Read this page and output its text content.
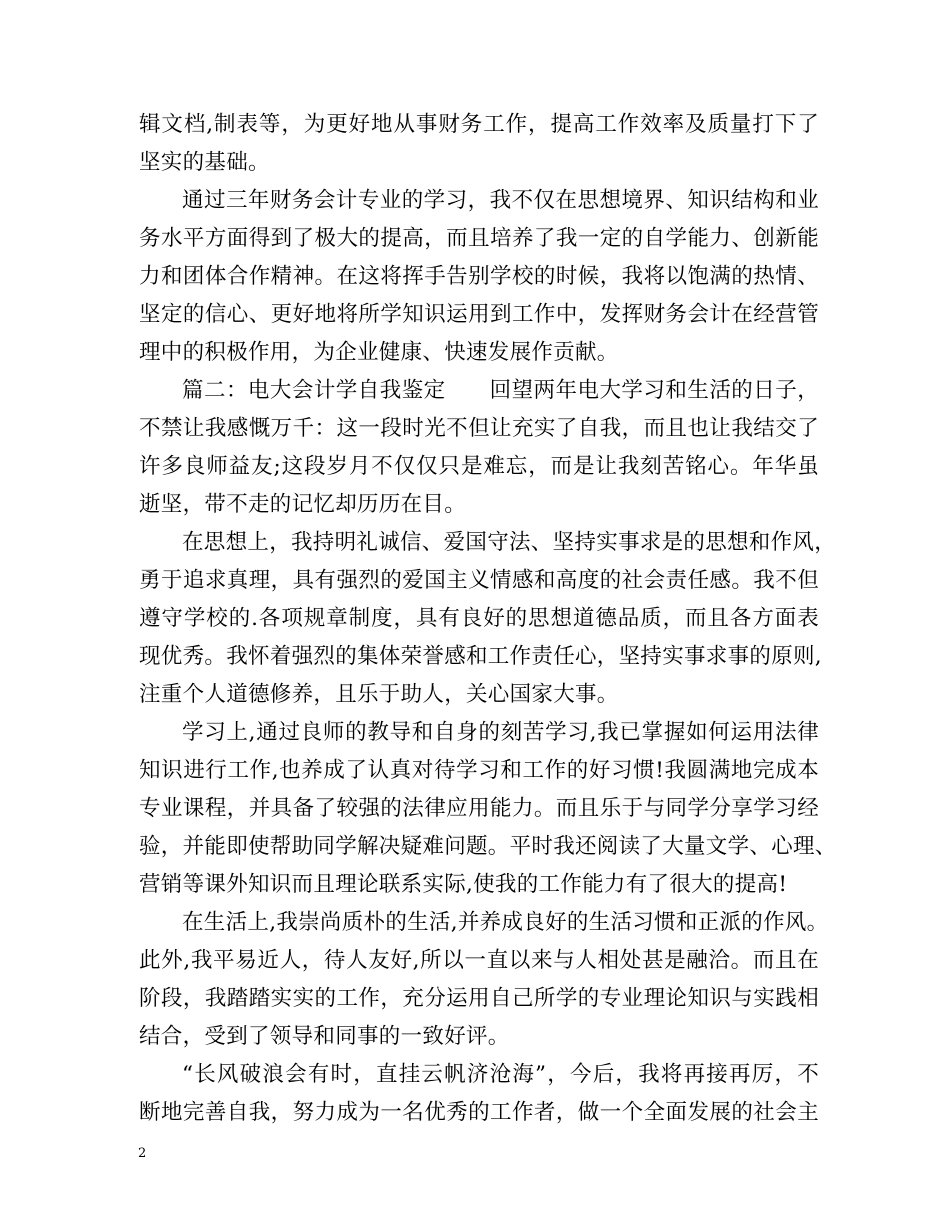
辑文档,制表等，为更好地从事财务工作，提高工作效率及质量打下了
坚实的基础。
通过三年财务会计专业的学习，我不仅在思想境界、知识结构和业
务水平方面得到了极大的提高，而且培养了我一定的自学能力、创新能
力和团体合作精神。在这将挥手告别学校的时候，我将以饱满的热情、
坚定的信心、更好地将所学知识运用到工作中，发挥财务会计在经营管
理中的积极作用，为企业健康、快速发展作贡献。
篇二：电大会计学自我鉴定　　回望两年电大学习和生活的日子，
不禁让我感慨万千：这一段时光不但让充实了自我，而且也让我结交了
许多良师益友;这段岁月不仅仅只是难忘，而是让我刻苦铭心。年华虽
逝坚，带不走的记忆却历历在目。
在思想上，我持明礼诚信、爱国守法、坚持实事求是的思想和作风，
勇于追求真理，具有强烈的爱国主义情感和高度的社会责任感。我不但
遵守学校的.各项规章制度，具有良好的思想道德品质，而且各方面表
现优秀。我怀着强烈的集体荣誉感和工作责任心，坚持实事求事的原则,
注重个人道德修养，且乐于助人，关心国家大事。
学习上,通过良师的教导和自身的刻苦学习,我已掌握如何运用法律
知识进行工作,也养成了认真对待学习和工作的好习惯!我圆满地完成本
专业课程，并具备了较强的法律应用能力。而且乐于与同学分享学习经
验，并能即使帮助同学解决疑难问题。平时我还阅读了大量文学、心理、
营销等课外知识而且理论联系实际,使我的工作能力有了很大的提高!
在生活上,我崇尚质朴的生活,并养成良好的生活习惯和正派的作风。
此外,我平易近人，待人友好,所以一直以来与人相处甚是融洽。而且在
阶段，我踏踏实实的工作，充分运用自己所学的专业理论知识与实践相
结合，受到了领导和同事的一致好评。
“长风破浪会有时，直挂云帆济沧海”，今后，我将再接再厉，不
断地完善自我，努力成为一名优秀的工作者，做一个全面发展的社会主
2
